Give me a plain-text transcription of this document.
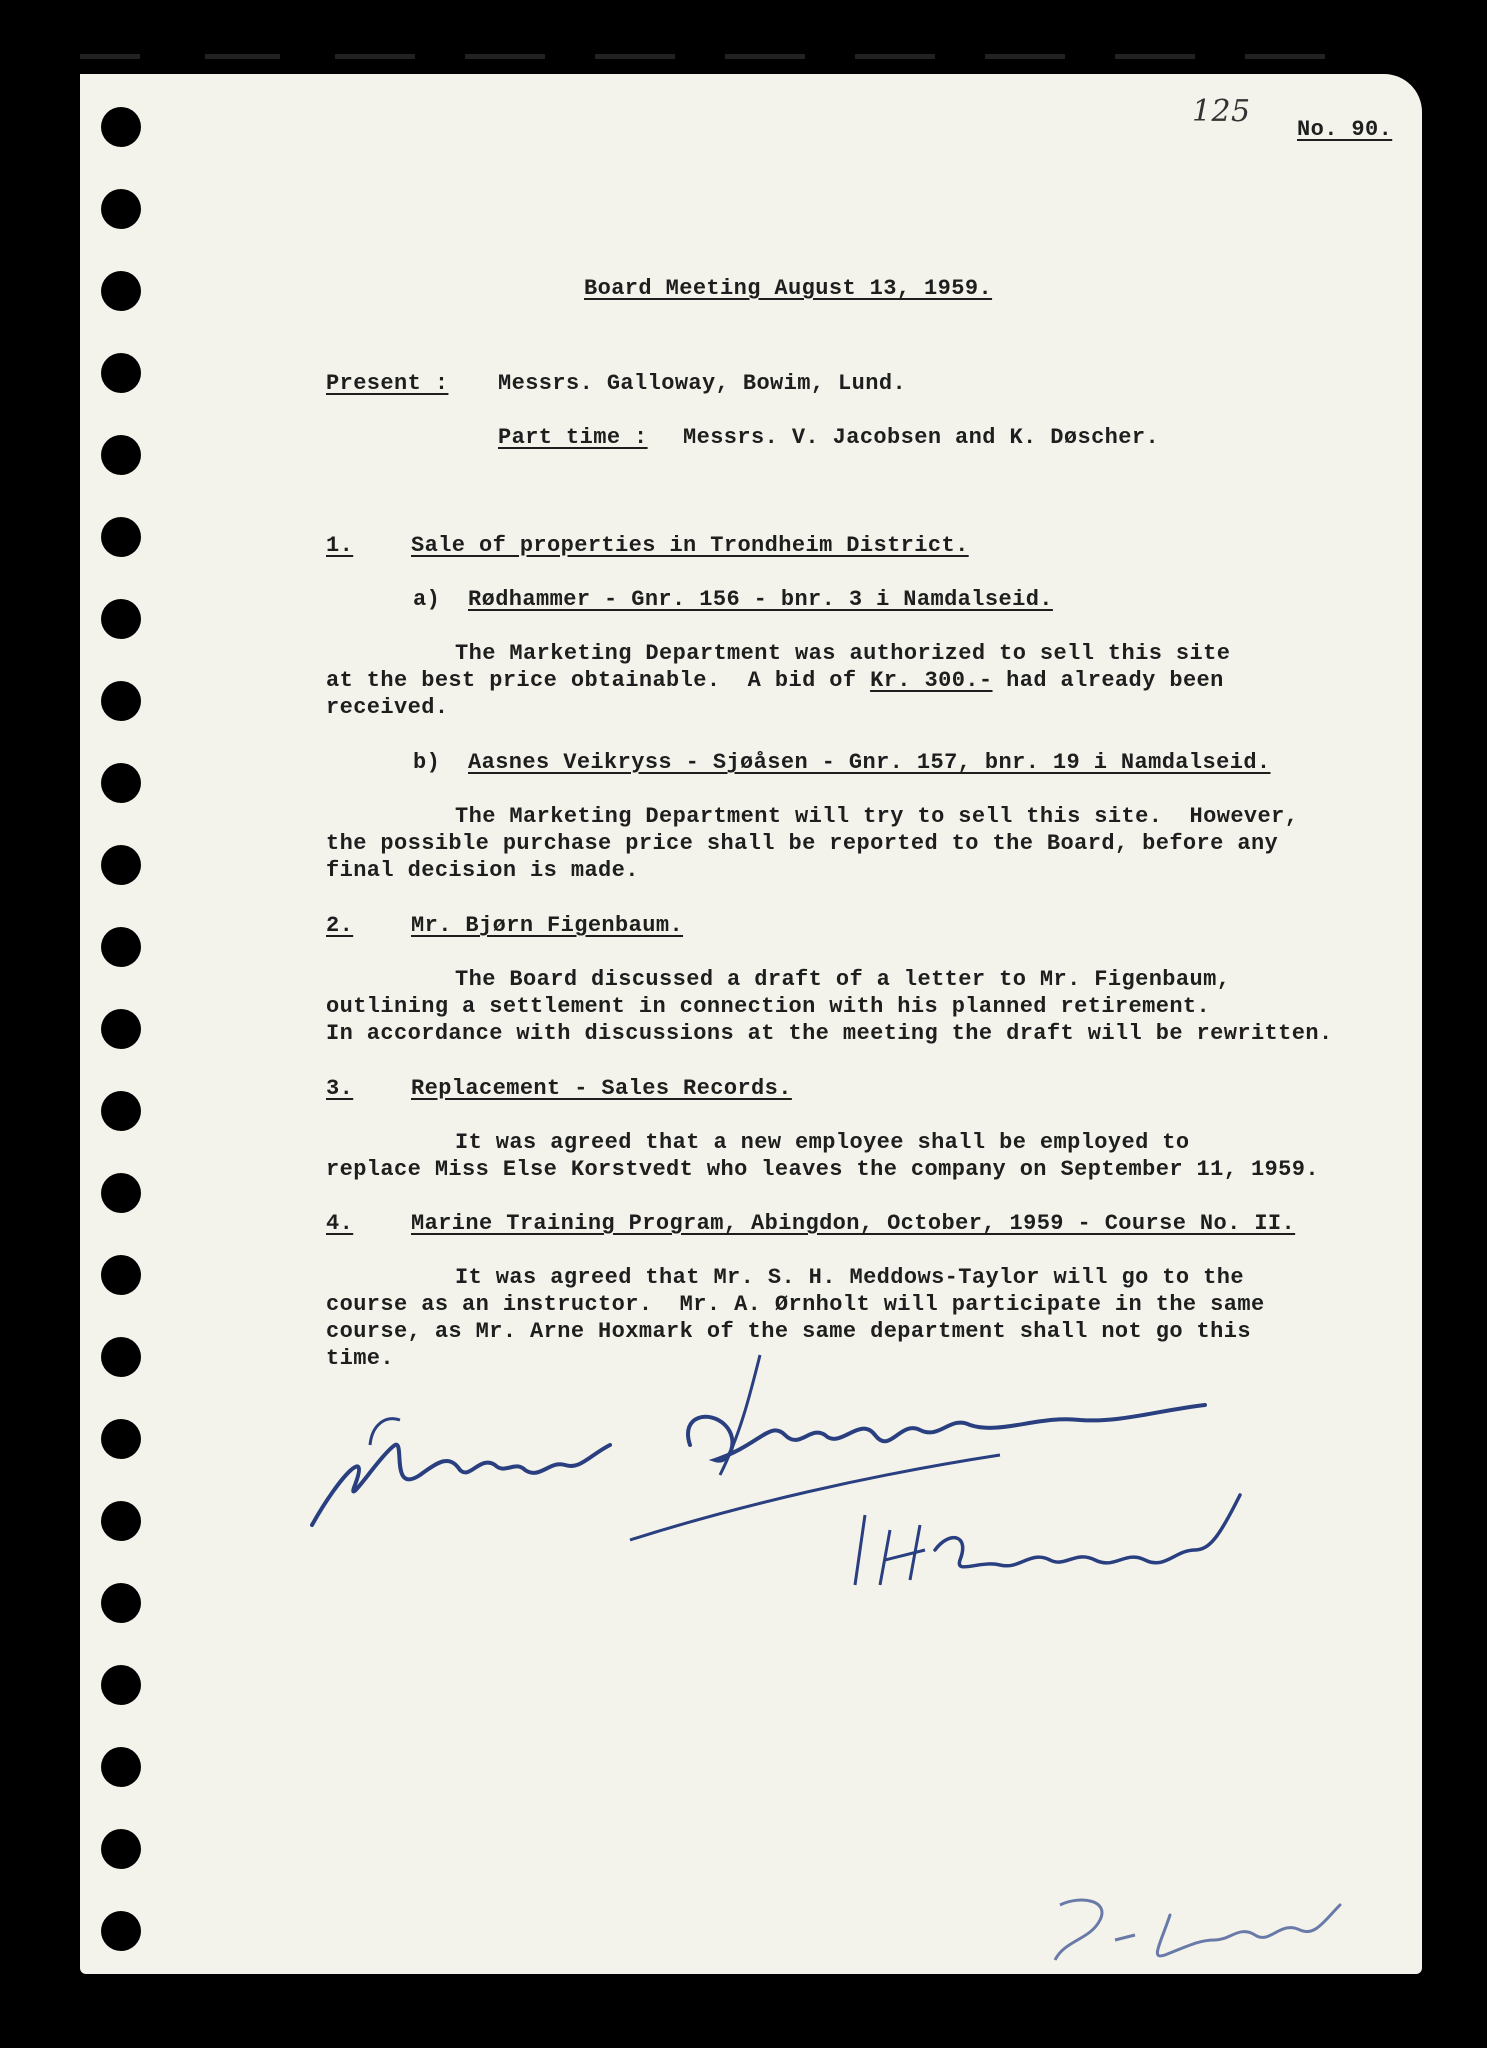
125
No. 90.
Board Meeting August 13, 1959.
Present : Messrs. Galloway, Bowim, Lund.
Part time : Messrs. V. Jacobsen and K. Døscher.
1.	Sale of properties in Trondheim District.
a) Rødhammer - Gnr. 156 - bnr. 3 i Namdalseid.
The Marketing Department was authorized to sell this site
at the best price obtainable.  A bid of Kr. 300.- had already been
received.
b) Aasnes Veikryss - Sjøåsen - Gnr. 157, bnr. 19 i Namdalseid.
The Marketing Department will try to sell this site.  However,
the possible purchase price shall be reported to the Board, before any
final decision is made.
2.	Mr. Bjørn Figenbaum.
The Board discussed a draft of a letter to Mr. Figenbaum,
outlining a settlement in connection with his planned retirement.
In accordance with discussions at the meeting the draft will be rewritten.
3.	Replacement - Sales Records.
It was agreed that a new employee shall be employed to
replace Miss Else Korstvedt who leaves the company on September 11, 1959.
4.	Marine Training Program, Abingdon, October, 1959 - Course No. II.
It was agreed that Mr. S. H. Meddows-Taylor will go to the
course as an instructor.  Mr. A. Ørnholt will participate in the same
course, as Mr. Arne Hoxmark of the same department shall not go this
time.
